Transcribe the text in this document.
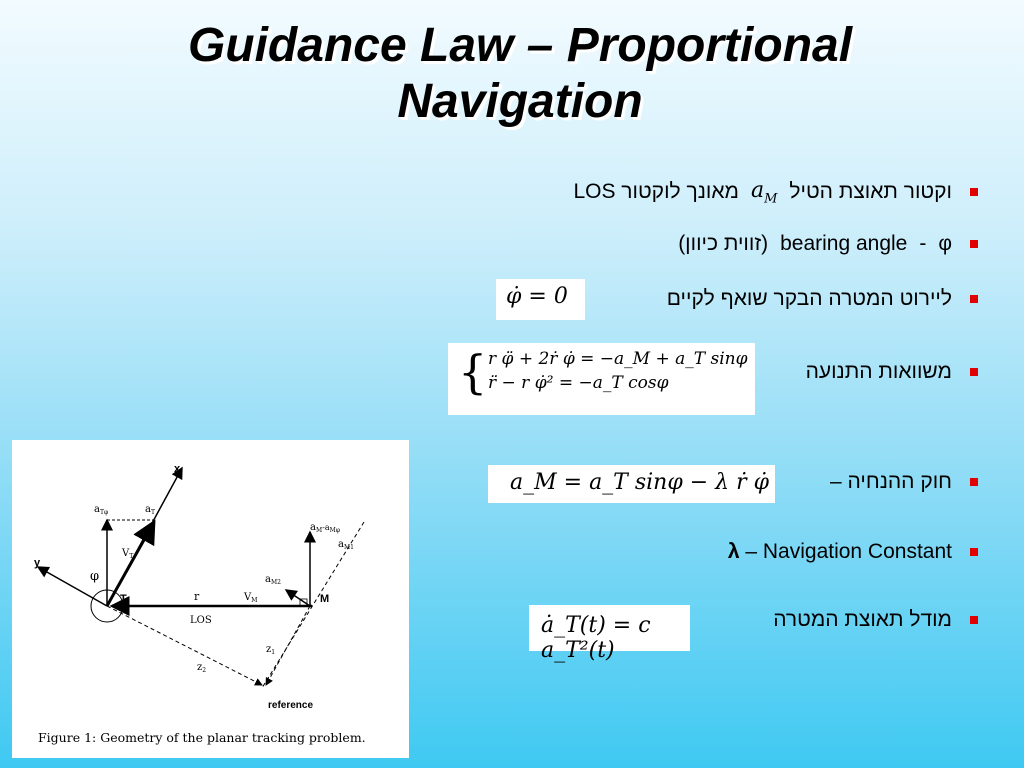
Guidance Law – Proportional
Navigation
וקטור תאוצת הטיל
$a_M$
מאונך לוקטור LOS
φ
-
bearing angle
(זווית כיוון)
ליירוט המטרה הבקר שואף לקיים
φ̇ = 0
משוואות התנועה
{ r φ̈ + 2ṙ φ̇ = −a_M + a_T sinφ
r̈ − r φ̇² = −a_T cosφ
חוק ההנחיה –
a_M = a_T sinφ − λ ṙ φ̇
λ – Navigation Constant
מודל תאוצת המטרה
ȧ_T(t) = c a_T²(t)
x
y
$V_T$
$a_{T\varphi}$	$a_T$
φ
T	r
LOS
$V_M$	M
$a_M^{-a}_{M\varphi}$
$a_{M1}$
$a_{M2}$
$z_1$
$z_2$
reference
Figure 1: Geometry of the planar tracking problem.
